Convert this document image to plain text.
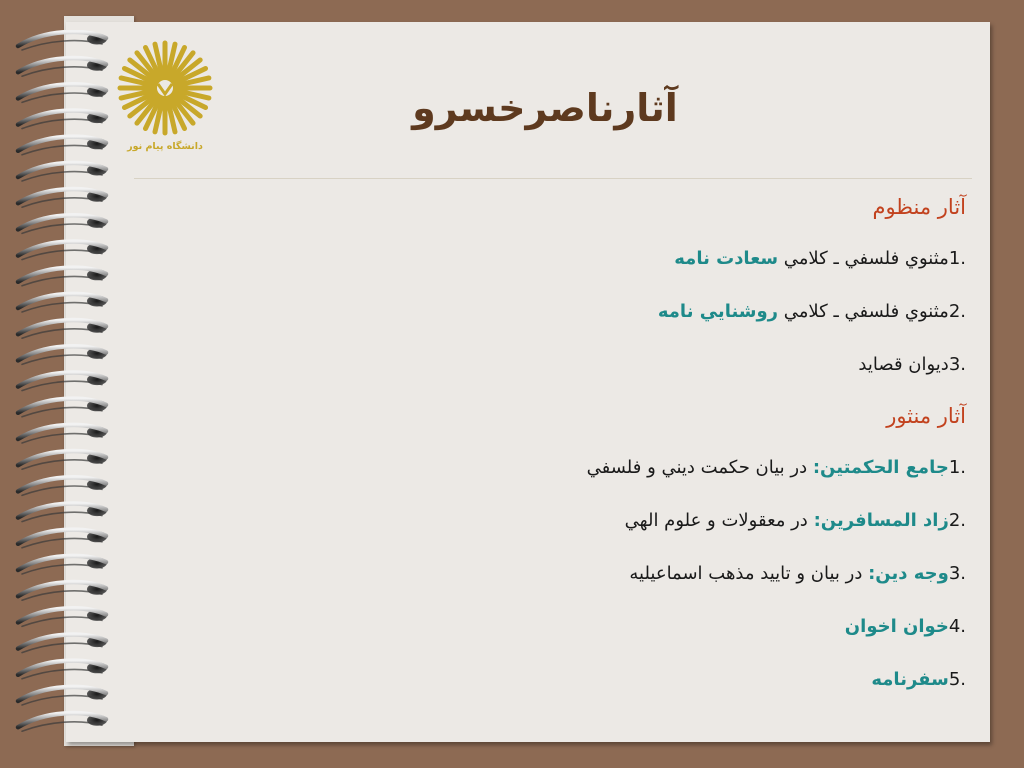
دانشگاه پيام نور
آثارناصرخسرو

آثار منظوم

1.مثنوي فلسفي ـ كلامي سعادت نامه

2.مثنوي فلسفي ـ كلامي روشنايي نامه

3.ديوان قصايد

آثار منثور

1.جامع الحكمتين: در بيان حكمت ديني و فلسفي

2.زاد المسافرين: در معقولات و علوم الهي

3.وجه دين: در بيان و تاييد مذهب اسماعيليه

4.خوان اخوان

5.سفرنامه
